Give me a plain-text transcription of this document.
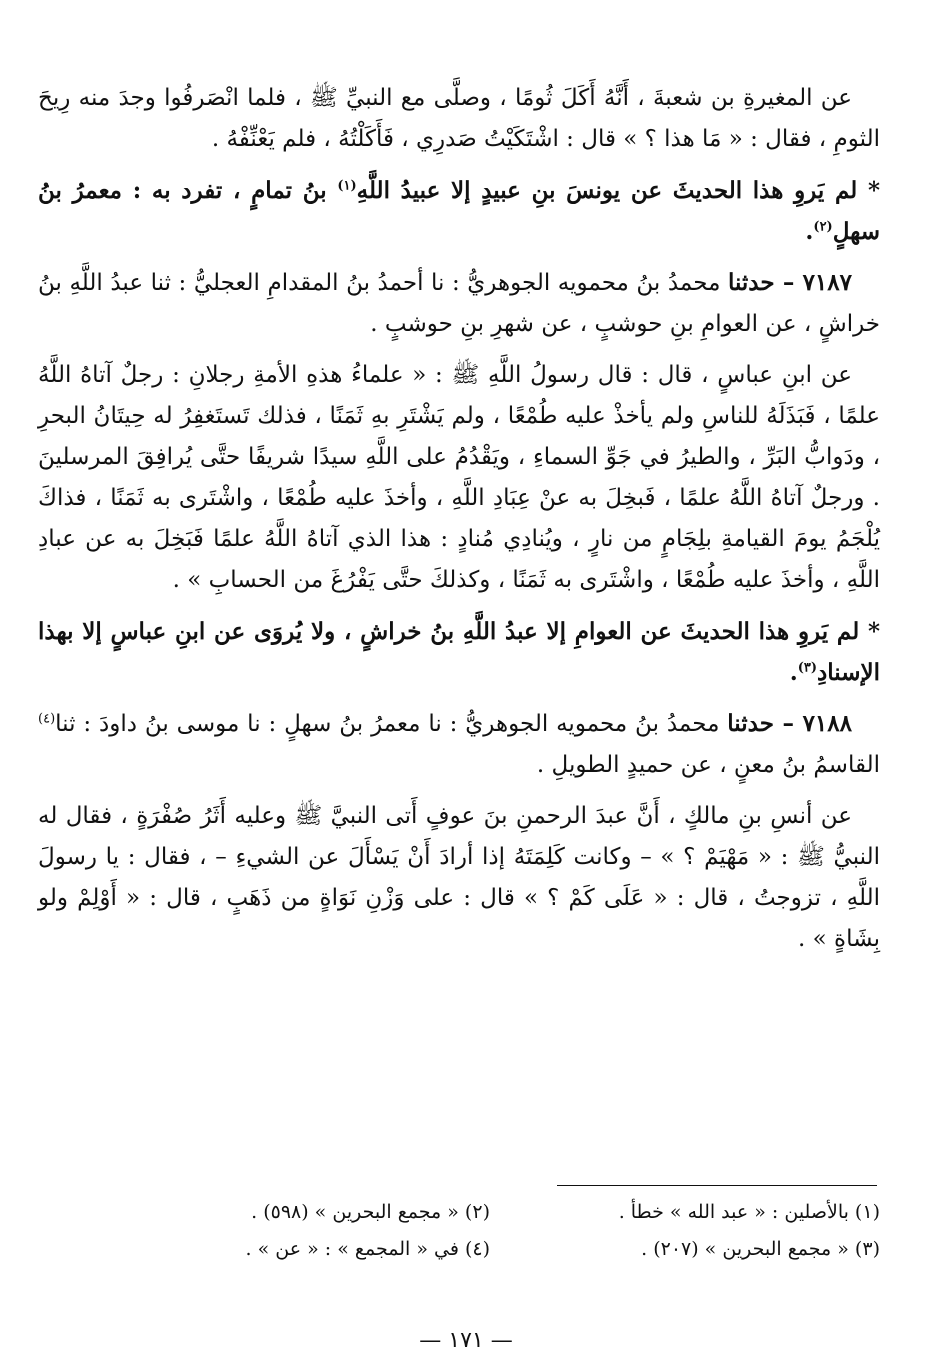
عن المغيرةِ بن شعبةَ ، أَنَّهُ أَكَلَ ثُومًا ، وصلَّى مع النبيِّ ﷺ ، فلما انْصَرفُوا وجدَ منه رِيحَ الثومِ ، فقال : « مَا هذا ؟ » قال : اشْتَكَيْتُ صَدرِي ، فَأَكَلْتُهُ ، فلم يَعْنِّفْهُ .

* لم يَروِ هذا الحديثَ عن يونسَ بنِ عبيدٍ إلا عبيدُ اللَّهِ$^{(١)}$ بنُ تمامٍ ، تفرد به : معمرُ بنُ سهلٍ$^{(٢)}$.

٧١٨٧ – حدثنا محمدُ بنُ محمويه الجوهريُّ : نا أحمدُ بنُ المقدامِ العجليُّ : ثنا عبدُ اللَّهِ بنُ خراشٍ ، عن العوامِ بنِ حوشبٍ ، عن شهرِ بنِ حوشبٍ .

عن ابنِ عباسٍ ، قال : قال رسولُ اللَّهِ ﷺ : « علماءُ هذهِ الأمةِ رجلانِ : رجلٌ آتاهُ اللَّهُ علمًا ، فَبَذَلَهُ للناسِ ولم يأخذْ عليه طُمْعًا ، ولم يَشْتَرِ بهِ ثَمَنًا ، فذلك تَستَغفِرُ له حِيتَانُ البحرِ ، ودَوابُّ البَرِّ ، والطيرُ في جَوِّ السماءِ ، ويَقْدُمُ على اللَّهِ سيدًا شريفًا حتَّى يُرافِقَ المرسلينَ . ورجلٌ آتاهُ اللَّهُ علمًا ، فَبخِلَ به عنْ عِبَادِ اللَّهِ ، وأخذَ عليه طُمْعًا ، واشْتَرى به ثَمَنًا ، فذاكَ يُلْجَمُ يومَ القيامةِ بلِجَامٍ من نارٍ ، ويُنادِي مُنادٍ : هذا الذي آتاهُ اللَّهُ علمًا فَبَخِلَ به عن عبادِ اللَّهِ ، وأخذَ عليه طُمْعًا ، واشْتَرى به ثَمَنًا ، وكذلكَ حتَّى يَفْرُغَ من الحسابِ » .

* لم يَروِ هذا الحديثَ عن العوامِ إلا عبدُ اللَّهِ بنُ خراشٍ ، ولا يُروَى عن ابنِ عباسٍ إلا بهذا الإسنادِ$^{(٣)}$.

٧١٨٨ – حدثنا محمدُ بنُ محمويه الجوهريُّ : نا معمرُ بنُ سهلٍ : نا موسى بنُ داودَ : ثنا$^{(٤)}$ القاسمُ بنُ معنٍ ، عن حميدٍ الطويلِ .

عن أنسِ بنِ مالكٍ ، أَنَّ عبدَ الرحمنِ بنَ عوفٍ أَتى النبيَّ ﷺ وعليه أَثَرُ صُفْرَةٍ ، فقال له النبيُّ ﷺ : « مَهْيَمْ ؟ » – وكانت كَلِمَتَهُ إذا أرادَ أَنْ يَسْأَلَ عن الشيءِ – ، فقال : يا رسولَ اللَّهِ ، تزوجتُ ، قال : « عَلَى كَمْ ؟ » قال : على وَزْنِ نَوَاةٍ من ذَهَبٍ ، قال : « أَوْلِمْ ولو بِشَاةٍ » .

(١) بالأصلين : « عبد الله » خطأ .
(٢) « مجمع البحرين » (٥٩٨) .
(٣) « مجمع البحرين » (٢٠٧) .
(٤) في « المجمع » : « عن » .
— ١٧١ —
